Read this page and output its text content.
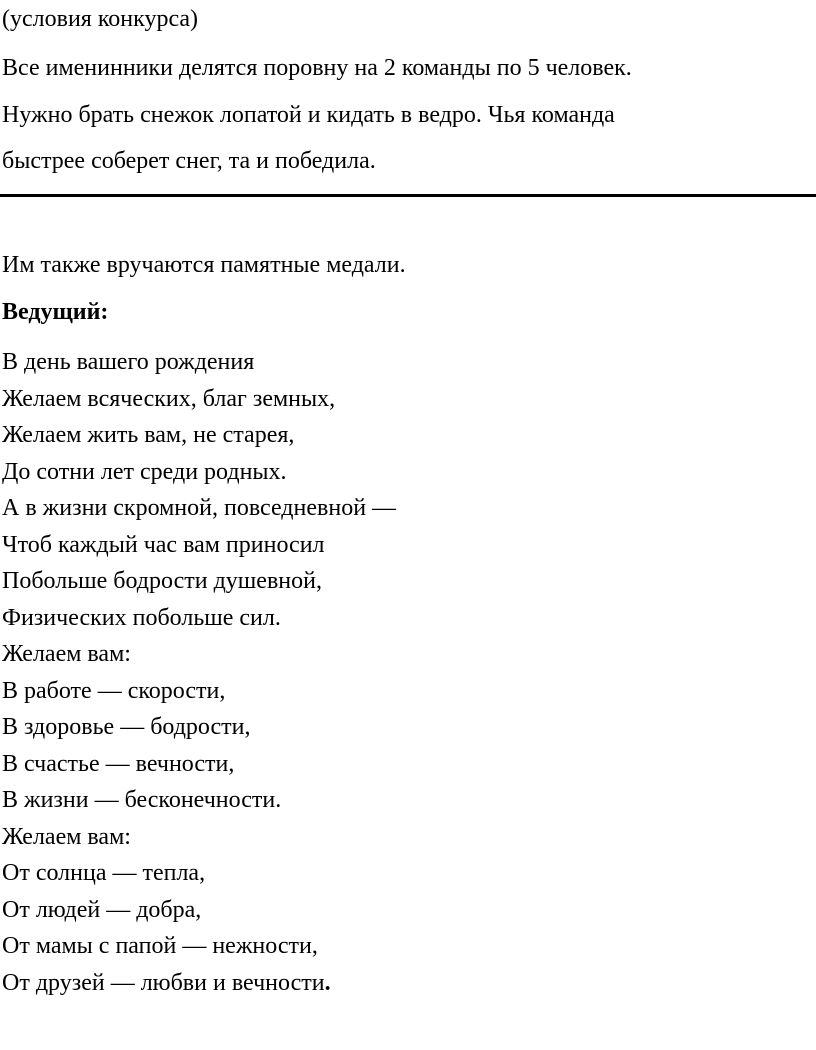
(условия конкурса)
Все именинники делятся поровну на 2 команды по 5 человек.
Нужно брать снежок лопатой и кидать в ведро. Чья команда
быстрее соберет снег, та и победила.
Им также вручаются памятные медали.
Ведущий:
В день вашего рождения
Желаем всяческих, благ земных,
Желаем жить вам, не старея,
До сотни лет среди родных.
А в жизни скромной, повседневной —
Чтоб каждый час вам приносил
Побольше бодрости душевной,
Физических побольше сил.
Желаем вам:
В работе — скорости,
В здоровье — бодрости,
В счастье — вечности,
В жизни — бесконечности.
Желаем вам:
От солнца — тепла,
От людей — добра,
От мамы с папой — нежности,
От друзей — любви и вечности.
